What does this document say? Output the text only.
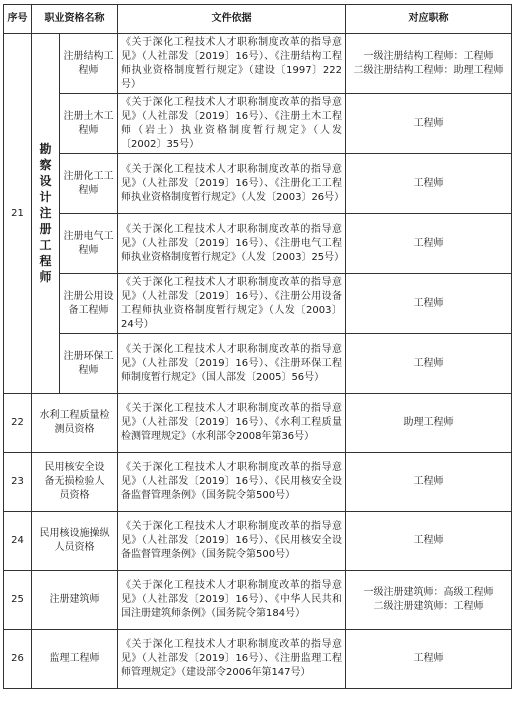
序号	职业资格名称		文件依据	对应职称
21	勘察设计注册工程师	注册结构工程师	《关于深化工程技术人才职称制度改革的指导意见》（人社部发〔2019〕16号）、《注册结构工程师执业资格制度暂行规定》（建设〔1997〕222号）	一级注册结构工程师：工程师
二级注册结构工程师：助理工程师
		注册土木工程师	《关于深化工程技术人才职称制度改革的指导意见》（人社部发〔2019〕16号）、《注册土木工程师（岩土）执业资格制度暂行规定》（人发〔2002〕35号）	工程师
		注册化工工程师	《关于深化工程技术人才职称制度改革的指导意见》（人社部发〔2019〕16号）、《注册化工工程师执业资格制度暂行规定》（人发〔2003〕26号）	工程师
		注册电气工程师	《关于深化工程技术人才职称制度改革的指导意见》（人社部发〔2019〕16号）、《注册电气工程师执业资格制度暂行规定》（人发〔2003〕25号）	工程师
		注册公用设备工程师	《关于深化工程技术人才职称制度改革的指导意见》（人社部发〔2019〕16号）、《注册公用设备工程师执业资格制度暂行规定》（人发〔2003〕24号）	工程师
		注册环保工程师	《关于深化工程技术人才职称制度改革的指导意见》（人社部发〔2019〕16号）、《注册环保工程师制度暂行规定》（国人部发〔2005〕56号）	工程师
22	水利工程质量检测员资格		《关于深化工程技术人才职称制度改革的指导意见》（人社部发〔2019〕16号）、《水利工程质量检测管理规定》（水利部令2008年第36号）	助理工程师
23	民用核安全设备无损检验人员资格		《关于深化工程技术人才职称制度改革的指导意见》（人社部发〔2019〕16号）、《民用核安全设备监督管理条例》（国务院令第500号）	工程师
24	民用核设施操纵人员资格		《关于深化工程技术人才职称制度改革的指导意见》（人社部发〔2019〕16号）、《民用核安全设备监督管理条例》（国务院令第500号）	工程师
25	注册建筑师		《关于深化工程技术人才职称制度改革的指导意见》（人社部发〔2019〕16号）、《中华人民共和国注册建筑师条例》（国务院令第184号）	一级注册建筑师：高级工程师
二级注册建筑师：工程师
26	监理工程师		《关于深化工程技术人才职称制度改革的指导意见》（人社部发〔2019〕16号）、《注册监理工程师管理规定》（建设部令2006年第147号）	工程师
